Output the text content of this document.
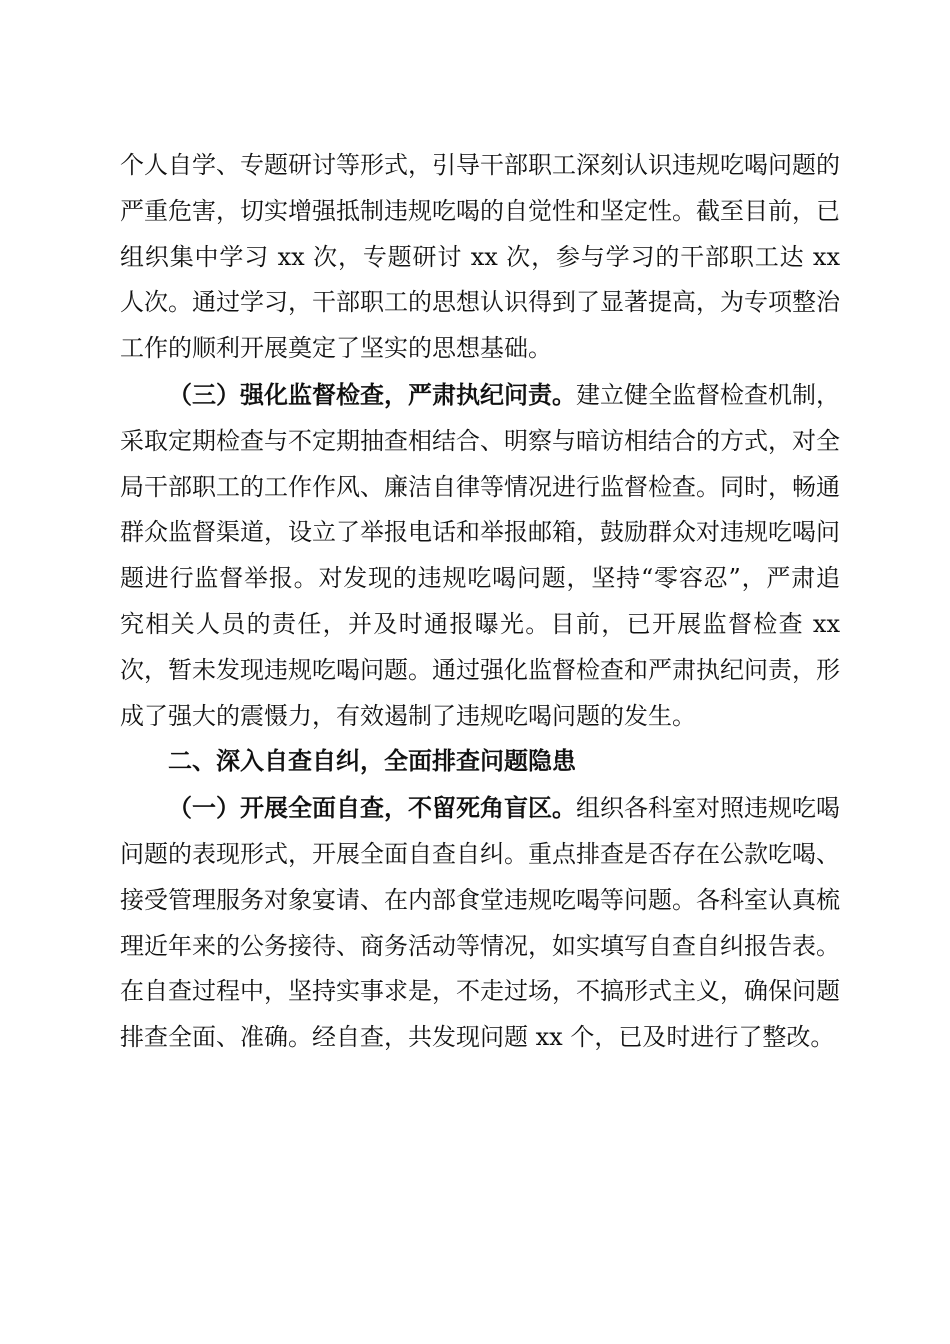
个人自学、专题研讨等形式，引导干部职工深刻认识违规吃喝问题的严重危害，切实增强抵制违规吃喝的自觉性和坚定性。截至目前，已组织集中学习 xx 次，专题研讨 xx 次，参与学习的干部职工达 xx 人次。通过学习，干部职工的思想认识得到了显著提高，为专项整治工作的顺利开展奠定了坚实的思想基础。

（三）强化监督检查，严肃执纪问责。建立健全监督检查机制，采取定期检查与不定期抽查相结合、明察与暗访相结合的方式，对全局干部职工的工作作风、廉洁自律等情况进行监督检查。同时，畅通群众监督渠道，设立了举报电话和举报邮箱，鼓励群众对违规吃喝问题进行监督举报。对发现的违规吃喝问题，坚持“零容忍”，严肃追究相关人员的责任，并及时通报曝光。目前，已开展监督检查 xx 次，暂未发现违规吃喝问题。通过强化监督检查和严肃执纪问责，形成了强大的震慑力，有效遏制了违规吃喝问题的发生。

二、深入自查自纠，全面排查问题隐患

（一）开展全面自查，不留死角盲区。组织各科室对照违规吃喝问题的表现形式，开展全面自查自纠。重点排查是否存在公款吃喝、接受管理服务对象宴请、在内部食堂违规吃喝等问题。各科室认真梳理近年来的公务接待、商务活动等情况，如实填写自查自纠报告表。在自查过程中，坚持实事求是，不走过场，不搞形式主义，确保问题排查全面、准确。经自查，共发现问题 xx 个，已及时进行了整改。
